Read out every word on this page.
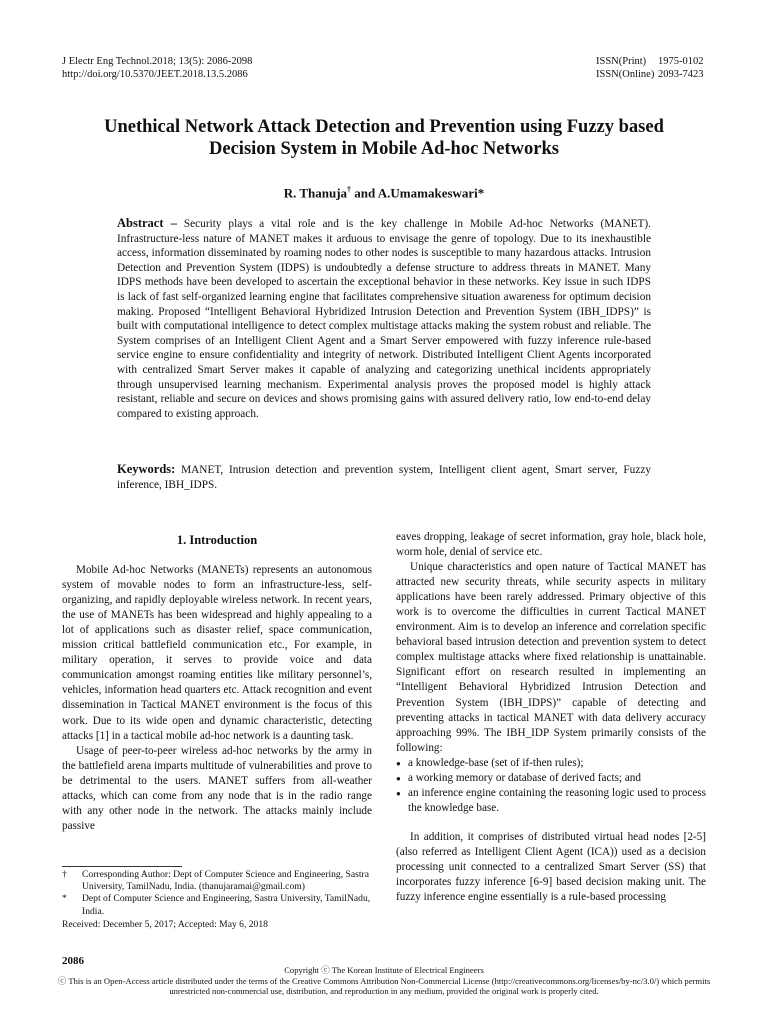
J Electr Eng Technol.2018; 13(5): 2086-2098
http://doi.org/10.5370/JEET.2018.13.5.2086
ISSN(Print) 1975-0102
ISSN(Online) 2093-7423
Unethical Network Attack Detection and Prevention using Fuzzy based
Decision System in Mobile Ad-hoc Networks
R. Thanuja† and A.Umamakeswari*
Abstract – Security plays a vital role and is the key challenge in Mobile Ad-hoc Networks (MANET). Infrastructure-less nature of MANET makes it arduous to envisage the genre of topology. Due to its inexhaustible access, information disseminated by roaming nodes to other nodes is susceptible to many hazardous attacks. Intrusion Detection and Prevention System (IDPS) is undoubtedly a defense structure to address threats in MANET. Many IDPS methods have been developed to ascertain the exceptional behavior in these networks. Key issue in such IDPS is lack of fast self-organized learning engine that facilitates comprehensive situation awareness for optimum decision making. Proposed “Intelligent Behavioral Hybridized Intrusion Detection and Prevention System (IBH_IDPS)” is built with computational intelligence to detect complex multistage attacks making the system robust and reliable. The System comprises of an Intelligent Client Agent and a Smart Server empowered with fuzzy inference rule-based service engine to ensure confidentiality and integrity of network. Distributed Intelligent Client Agents incorporated with centralized Smart Server makes it capable of analyzing and categorizing unethical incidents appropriately through unsupervised learning mechanism. Experimental analysis proves the proposed model is highly attack resistant, reliable and secure on devices and shows promising gains with assured delivery ratio, low end-to-end delay compared to existing approach.
Keywords: MANET, Intrusion detection and prevention system, Intelligent client agent, Smart server, Fuzzy inference, IBH_IDPS.
1. Introduction

Mobile Ad-hoc Networks (MANETs) represents an autonomous system of movable nodes to form an infrastructure-less, self-organizing, and rapidly deployable wireless network. In recent years, the use of MANETs has been widespread and highly appealing to a lot of applications such as disaster relief, space communication, mission critical battlefield communication etc., For example, in military operation, it serves to provide voice and data communication amongst roaming entities like military personnel’s, vehicles, information head quarters etc. Attack recognition and event dissemination in Tactical MANET environment is the focus of this work. Due to its wide open and dynamic characteristic, detecting attacks [1] in a tactical mobile ad-hoc network is a daunting task.

Usage of peer-to-peer wireless ad-hoc networks by the army in the battlefield arena imparts multitude of vulnerabilities and prove to be detrimental to the users. MANET suffers from all-weather attacks, which can come from any node that is in the radio range with any other node in the network. The attacks mainly include passive

eaves dropping, leakage of secret information, gray hole, black hole, worm hole, denial of service etc.

Unique characteristics and open nature of Tactical MANET has attracted new security threats, while security aspects in military applications have been rarely addressed. Primary objective of this work is to overcome the difficulties in current Tactical MANET environment. Aim is to develop an inference and correlation specific behavioral based intrusion detection and prevention system to detect complex multistage attacks where fixed relationship is unattainable. Significant effort on research resulted in implementing an “Intelligent Behavioral Hybridized Intrusion Detection and Prevention System (IBH_IDPS)” capable of detecting and preventing attacks in tactical MANET with data delivery accuracy approaching 99%. The IBH_IDP System primarily consists of the following:

● a knowledge-base (set of if-then rules);
● a working memory or database of derived facts; and
● an inference engine containing the reasoning logic used to process the knowledge base.

In addition, it comprises of distributed virtual head nodes [2-5] (also referred as Intelligent Client Agent (ICA)) used as a decision processing unit connected to a centralized Smart Server (SS) that incorporates fuzzy inference [6-9] based decision making unit. The fuzzy inference engine essentially is a rule-based processing

† Corresponding Author: Dept of Computer Science and Engineering, Sastra University, TamilNadu, India. (thanujaramai@gmail.com)
* Dept of Computer Science and Engineering, Sastra University, TamilNadu, India.
Received: December 5, 2017; Accepted: May 6, 2018
2086
Copyright ⓒ The Korean Institute of Electrical Engineers
ⓒ This is an Open-Access article distributed under the terms of the Creative Commons Attribution Non-Commercial License (http://creativecommons.org/licenses/by-nc/3.0/) which permits unrestricted non-commercial use, distribution, and reproduction in any medium, provided the original work is properly cited.
